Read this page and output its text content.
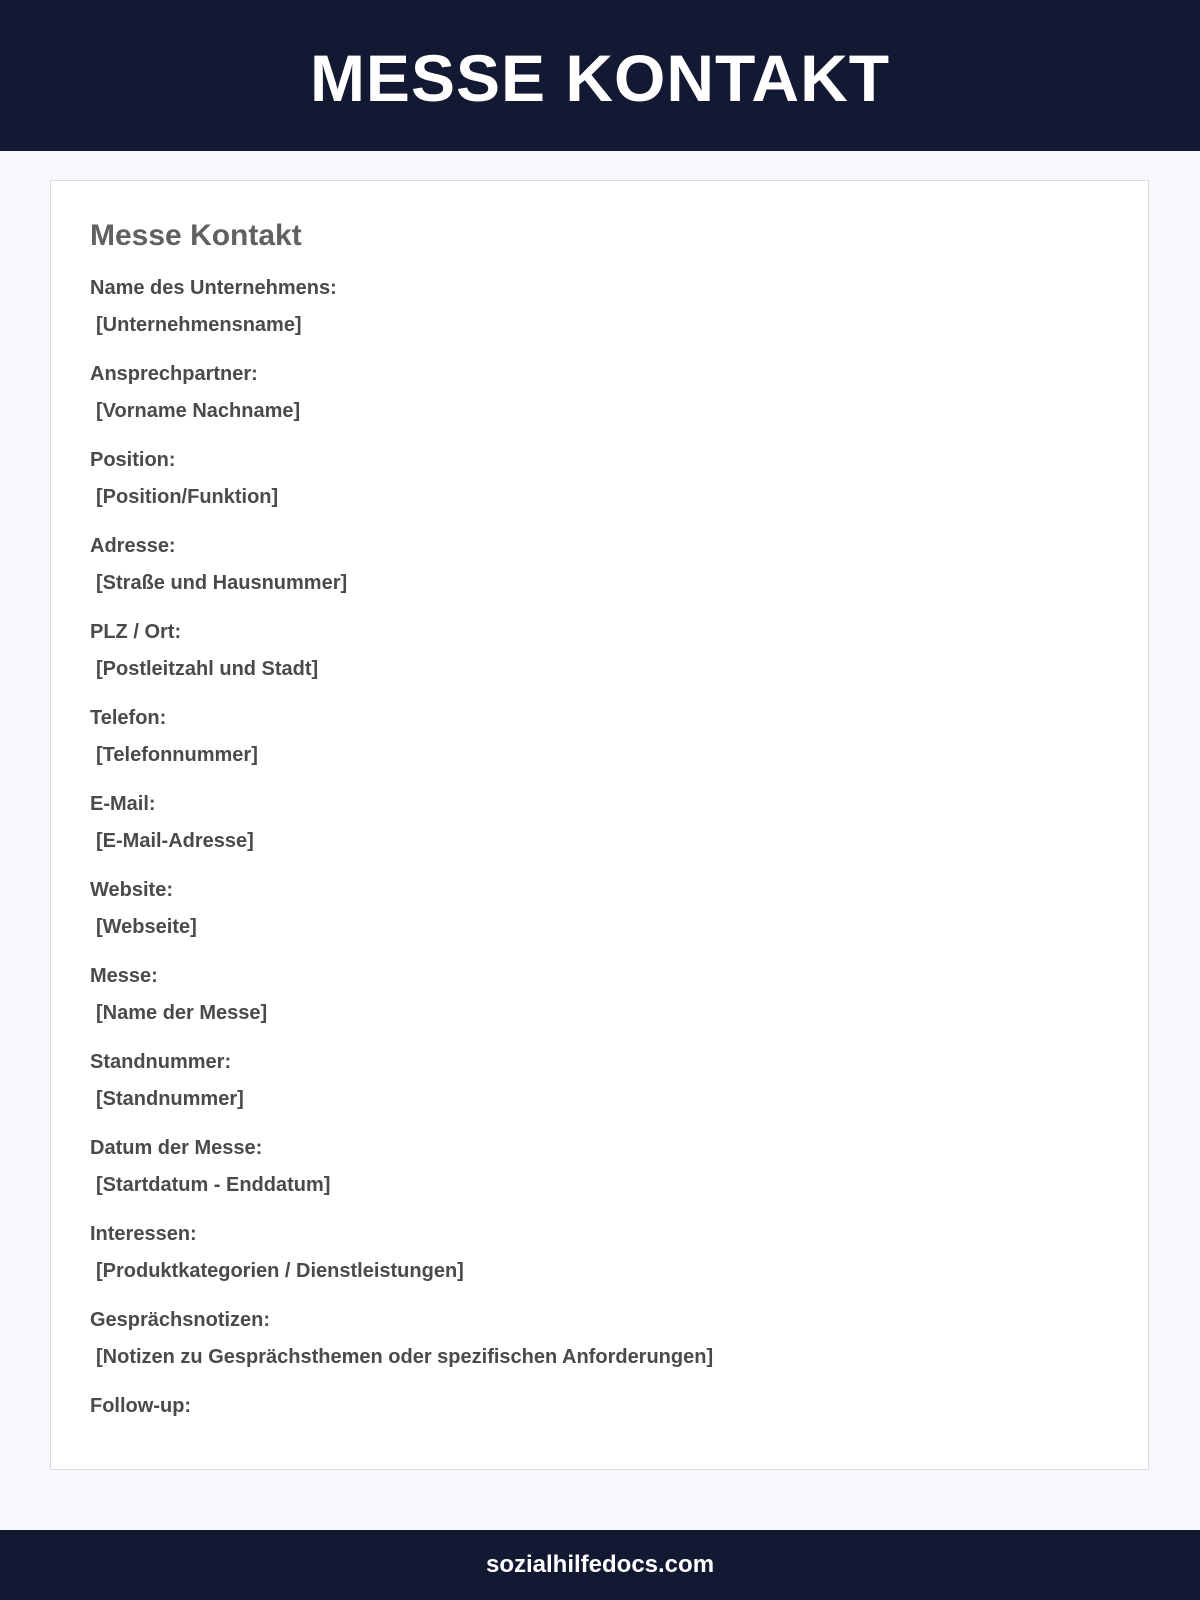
MESSE KONTAKT
Messe Kontakt
Name des Unternehmens:
[Unternehmensname]
Ansprechpartner:
[Vorname Nachname]
Position:
[Position/Funktion]
Adresse:
[Straße und Hausnummer]
PLZ / Ort:
[Postleitzahl und Stadt]
Telefon:
[Telefonnummer]
E-Mail:
[E-Mail-Adresse]
Website:
[Webseite]
Messe:
[Name der Messe]
Standnummer:
[Standnummer]
Datum der Messe:
[Startdatum - Enddatum]
Interessen:
[Produktkategorien / Dienstleistungen]
Gesprächsnotizen:
[Notizen zu Gesprächsthemen oder spezifischen Anforderungen]
Follow-up:
sozialhilfedocs.com
